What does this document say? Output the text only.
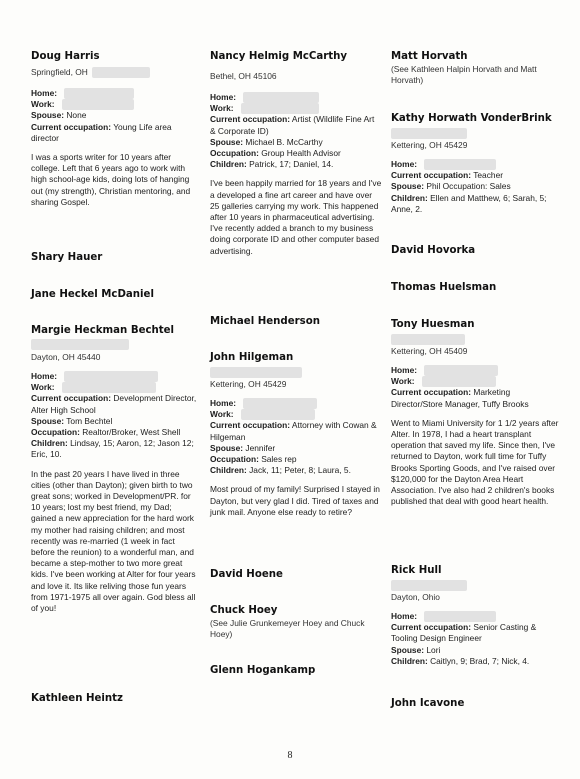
Doug Harris
Springfield, OH
Home:
Work:
Spouse: None
Current occupation: Young Life area director
I was a sports writer for 10 years after college. Left that 6 years ago to work with high school-age kids, doing lots of hanging out (my strength), Christian mentoring, and sharing Gospel.
Shary Hauer
Jane Heckel McDaniel
Margie Heckman Bechtel
Dayton, OH 45440
Home:
Work:
Current occupation: Development Director, Alter High School
Spouse: Tom Bechtel
Occupation: Realtor/Broker, West Shell
Children: Lindsay, 15; Aaron, 12; Jason 12; Eric, 10.
In the past 20 years I have lived in three cities (other than Dayton); given birth to two great sons; worked in Development/PR. for 10 years; lost my best friend, my Dad; gained a new appreciation for the hard work my mother had raising children; and most recently was re-married (1 week in fact before the reunion) to a wonderful man, and became a step-mother to two more great kids. I've been working at Alter for four years and love it. Its like reliving those fun years from 1971-1975 all over again. God bless all of you!
Kathleen Heintz
Nancy Helmig McCarthy
Bethel, OH 45106
Home:
Work:
Current occupation: Artist (Wildlife Fine Art & Corporate ID)
Spouse: Michael B. McCarthy
Occupation: Group Health Advisor
Children: Patrick, 17; Daniel, 14.
I've been happily married for 18 years and I've a developed a fine art career and have over 25 galleries carrying my work. This happened after 10 years in pharmaceutical advertising. I've recently added a branch to my business doing corporate ID and other computer based advertising.
Michael Henderson
John Hilgeman
Kettering, OH 45429
Home:
Work:
Current occupation: Attorney with Cowan & Hilgeman
Spouse: Jennifer
Occupation: Sales rep
Children: Jack, 11; Peter, 8; Laura, 5.
Most proud of my family! Surprised I stayed in Dayton, but very glad I did. Tired of taxes and junk mail. Anyone else ready to retire?
David Hoene
Chuck Hoey
(See Julie Grunkemeyer Hoey and Chuck Hoey)
Glenn Hogankamp
Matt Horvath
(See Kathleen Halpin Horvath and Matt Horvath)
Kathy Horwath VonderBrink
Kettering, OH 45429
Home:
Current occupation: Teacher
Spouse: Phil Occupation: Sales
Children: Ellen and Matthew, 6; Sarah, 5; Anne, 2.
David Hovorka
Thomas Huelsman
Tony Huesman
Kettering, OH 45409
Home:
Work:
Current occupation: Marketing Director/Store Manager, Tuffy Brooks
Went to Miami University for 1 1/2 years after Alter. In 1978, I had a heart transplant operation that saved my life. Since then, I've returned to Dayton, work full time for Tuffy Brooks Sporting Goods, and I've raised over $120,000 for the Dayton Area Heart Association. I've also had 2 children's books published that deal with good heart health.
Rick Hull
Dayton, Ohio
Home:
Current occupation: Senior Casting & Tooling Design Engineer
Spouse: Lori
Children: Caitlyn, 9; Brad, 7; Nick, 4.
John Icavone
8
